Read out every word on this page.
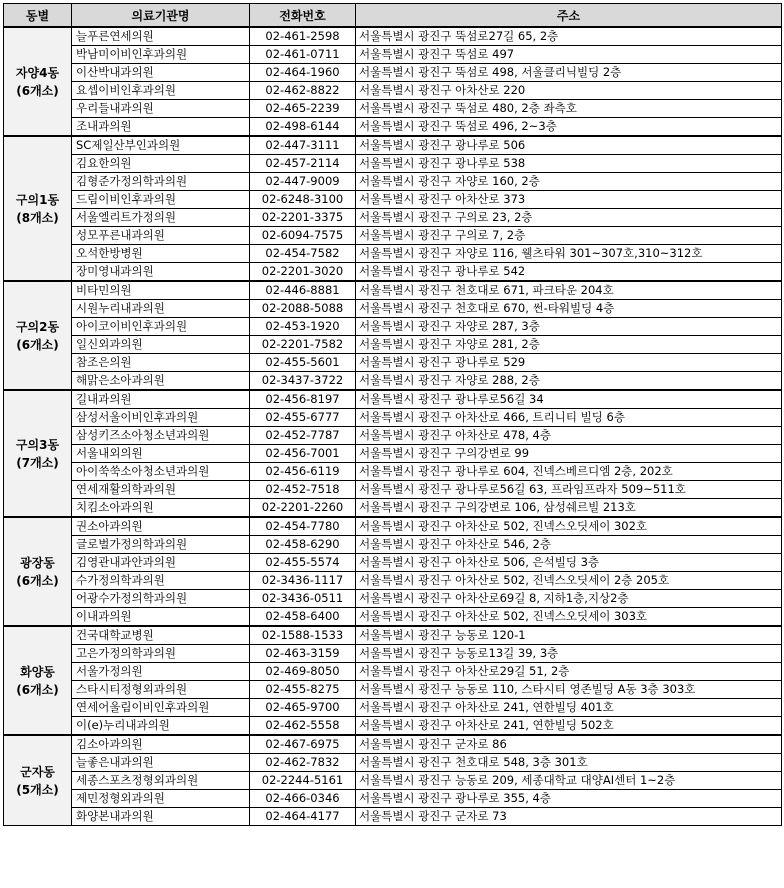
동별	의료기관명	전화번호	주소

자양4동
(6개소)	늘푸른연세의원	02-461-2598	서울특별시 광진구 뚝섬로27길 65, 2층
	박남미이비인후과의원	02-461-0711	서울특별시 광진구 뚝섬로 497
	이산박내과의원	02-464-1960	서울특별시 광진구 뚝섬로 498, 서울클리닉빌딩 2층
	요셉이비인후과의원	02-462-8822	서울특별시 광진구 아차산로 220
	우리들내과의원	02-465-2239	서울특별시 광진구 뚝섬로 480, 2층 좌측호
	조내과의원	02-498-6144	서울특별시 광진구 뚝섬로 496, 2~3층

구의1동
(8개소)	SC제일산부인과의원	02-447-3111	서울특별시 광진구 광나루로 506
	김요한의원	02-457-2114	서울특별시 광진구 광나루로 538
	김형준가정의학과의원	02-447-9009	서울특별시 광진구 자양로 160, 2층
	드림이비인후과의원	02-6248-3100	서울특별시 광진구 아차산로 373
	서울엘리트가정의원	02-2201-3375	서울특별시 광진구 구의로 23, 2층
	성모푸른내과의원	02-6094-7575	서울특별시 광진구 구의로 7, 2층
	오석한방병원	02-454-7582	서울특별시 광진구 자양로 116, 웰츠타워 301~307호,310~312호
	장미영내과의원	02-2201-3020	서울특별시 광진구 광나루로 542

구의2동
(6개소)	비타민의원	02-446-8881	서울특별시 광진구 천호대로 671, 파크타운 204호
	시원누리내과의원	02-2088-5088	서울특별시 광진구 천호대로 670, 썬-타워빌딩 4층
	아이코이비인후과의원	02-453-1920	서울특별시 광진구 자양로 287, 3층
	일신외과의원	02-2201-7582	서울특별시 광진구 자양로 281, 2층
	참조은의원	02-455-5601	서울특별시 광진구 광나루로 529
	해맑은소아과의원	02-3437-3722	서울특별시 광진구 자양로 288, 2층

구의3동
(7개소)	길내과의원	02-456-8197	서울특별시 광진구 광나루로56길 34
	삼성서울이비인후과의원	02-455-6777	서울특별시 광진구 아차산로 466, 트리니티 빌딩 6층
	삼성키즈소아청소년과의원	02-452-7787	서울특별시 광진구 아차산로 478, 4층
	서울내외의원	02-456-7001	서울특별시 광진구 구의강변로 99
	아이쑥쑥소아청소년과의원	02-456-6119	서울특별시 광진구 광나루로 604, 진넥스베르디엠 2층, 202호
	연세재활의학과의원	02-452-7518	서울특별시 광진구 광나루로56길 63, 프라임프라자 509~511호
	치킴소아과의원	02-2201-2260	서울특별시 광진구 구의강변로 106, 삼성쉐르빌 213호

광장동
(6개소)	권소아과의원	02-454-7780	서울특별시 광진구 아차산로 502, 진넥스오딧세이 302호
	글로벌가정의학과의원	02-458-6290	서울특별시 광진구 아차산로 546, 2층
	김영관내과안과의원	02-455-5574	서울특별시 광진구 아차산로 506, 은석빌딩 3층
	수가정의학과의원	02-3436-1117	서울특별시 광진구 아차산로 502, 진넥스오딧세이 2층 205호
	어광수가정의학과의원	02-3436-0511	서울특별시 광진구 아차산로69길 8, 지하1층,지상2층
	이내과의원	02-458-6400	서울특별시 광진구 아차산로 502, 진넥스오딧세이 303호

화양동
(6개소)	건국대학교병원	02-1588-1533	서울특별시 광진구 능동로 120-1
	고은가정의학과의원	02-463-3159	서울특별시 광진구 능동로13길 39, 3층
	서울가정의원	02-469-8050	서울특별시 광진구 아차산로29길 51, 2층
	스타시티정형외과의원	02-455-8275	서울특별시 광진구 능동로 110, 스타시티 영존빌딩 A동 3층 303호
	연세어울림이비인후과의원	02-465-9700	서울특별시 광진구 아차산로 241, 연한빌딩 401호
	이(e)누리내과의원	02-462-5558	서울특별시 광진구 아차산로 241, 연한빌딩 502호

군자동
(5개소)	김소아과의원	02-467-6975	서울특별시 광진구 군자로 86
	늘좋은내과의원	02-462-7832	서울특별시 광진구 천호대로 548, 3층 301호
	세종스포츠정형외과의원	02-2244-5161	서울특별시 광진구 능동로 209, 세종대학교 대양AI센터 1~2층
	제민정형외과의원	02-466-0346	서울특별시 광진구 광나루로 355, 4층
	화양본내과의원	02-464-4177	서울특별시 광진구 군자로 73
